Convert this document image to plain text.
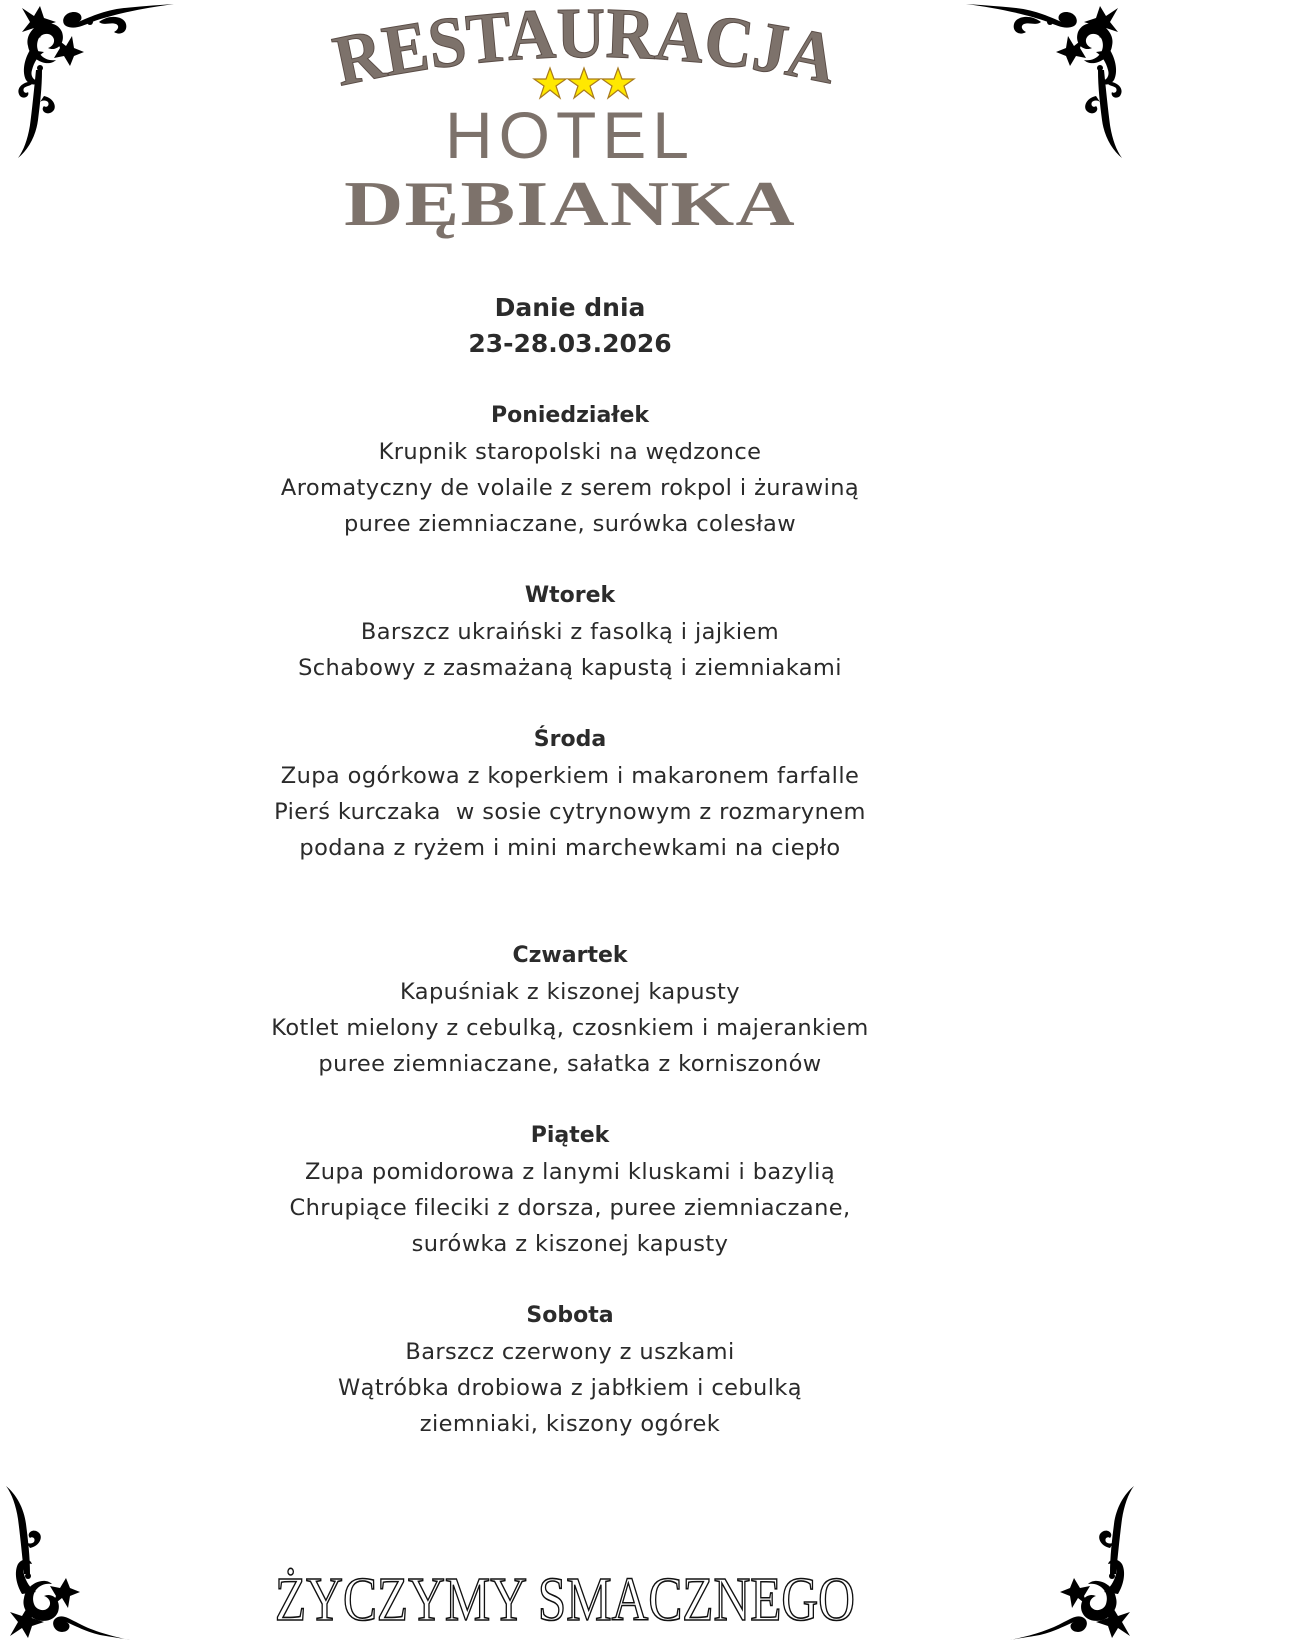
RESTAURACJA
HOTEL
DĘBIANKA
Danie dnia
23-28.03.2026
Poniedziałek
Krupnik staropolski na wędzonce
Aromatyczny de volaile z serem rokpol i żurawiną
puree ziemniaczane, surówka colesław
Wtorek
Barszcz ukraiński z fasolką i jajkiem
Schabowy z zasmażaną kapustą i ziemniakami
Środa
Zupa ogórkowa z koperkiem i makaronem farfalle
Pierś kurczaka  w sosie cytrynowym z rozmarynem
podana z ryżem i mini marchewkami na ciepło
Czwartek
Kapuśniak z kiszonej kapusty
Kotlet mielony z cebulką, czosnkiem i majerankiem
puree ziemniaczane, sałatka z korniszonów
Piątek
Zupa pomidorowa z lanymi kluskami i bazylią
Chrupiące fileciki z dorsza, puree ziemniaczane,
surówka z kiszonej kapusty
Sobota
Barszcz czerwony z uszkami
Wątróbka drobiowa z jabłkiem i cebulką
ziemniaki, kiszony ogórek
ŻYCZYMY SMACZNEGO
